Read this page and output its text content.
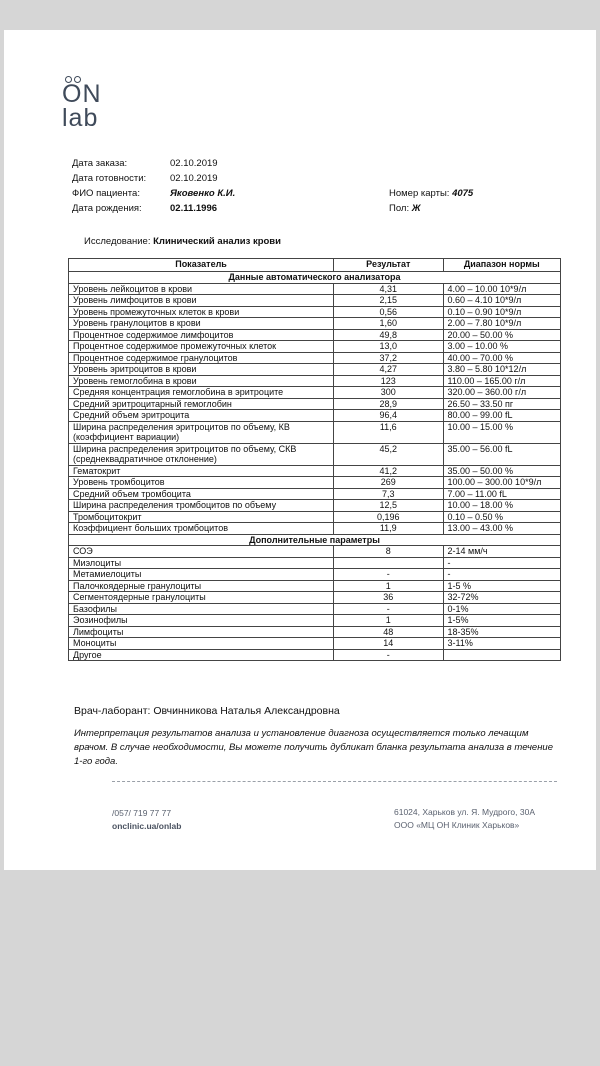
ON
lab
Дата заказа:	02.10.2019
Дата готовности:	02.10.2019
ФИО пациента:	Яковенко К.И.
Дата рождения:	02.11.1996
Номер карты: 4075
Пол: Ж
Исследование: Клинический анализ крови
Показатель	Результат	Диапазон нормы
Данные автоматического анализатора		
Уровень лейкоцитов в крови	4,31	4.00 – 10.00 10*9/л
Уровень лимфоцитов в крови	2,15	0.60 – 4.10 10*9/л
Уровень промежуточных клеток в крови	0,56	0.10 – 0.90 10*9/л
Уровень гранулоцитов в крови	1,60	2.00 – 7.80 10*9/л
Процентное содержимое лимфоцитов	49,8	20.00 – 50.00 %
Процентное содержимое промежуточных клеток	13,0	3.00 – 10.00 %
Процентное содержимое гранулоцитов	37,2	40.00 – 70.00 %
Уровень эритроцитов в крови	4,27	3.80 – 5.80 10*12/л
Уровень гемоглобина в крови	123	110.00 – 165.00 г/л
Средняя концентрация гемоглобина в эритроците	300	320.00 – 360.00 г/л
Средний эритроцитарный гемоглобин	28,9	26.50 – 33.50 пг
Средний объем эритроцита	96,4	80.00 – 99.00 fL
Ширина распределения эритроцитов по объему, КВ (коэффициент вариации)	11,6	10.00 – 15.00 %
Ширина распределения эритроцитов по объему, СКВ (среднеквадратичное отклонение)	45,2	35.00 – 56.00 fL
Гематокрит	41,2	35.00 – 50.00 %
Уровень тромбоцитов	269	100.00 – 300.00 10*9/л
Средний объем тромбоцита	7,3	7.00 – 11.00 fL
Ширина распределения тромбоцитов по объему	12,5	10.00 – 18.00 %
Тромбоцитокрит	0,196	0.10 – 0.50 %
Коэффициент больших тромбоцитов	11,9	13.00 – 43.00 %
Дополнительные параметры		
СОЭ	8	2-14 мм/ч
Миэлоциты		-
Метамиелоциты	-	-
Палочкоядерные гранулоциты	1	1-5 %
Сегментоядерные гранулоциты	36	32-72%
Базофилы	-	0-1%
Эозинофилы	1	1-5%
Лимфоциты	48	18-35%
Моноциты	14	3-11%
Другое	-	
Врач-лаборант: Овчинникова Наталья Александровна
Интерпретация результатов анализа и установление диагноза осуществляется только лечащим врачом. В случае необходимости, Вы можете получить дубликат бланка результата анализа в течение 1-го года.
/057/ 719 77 77
onclinic.ua/onlab
61024, Харьков ул. Я. Мудрого, 30А
ООО «МЦ ОН Клиник Харьков»
